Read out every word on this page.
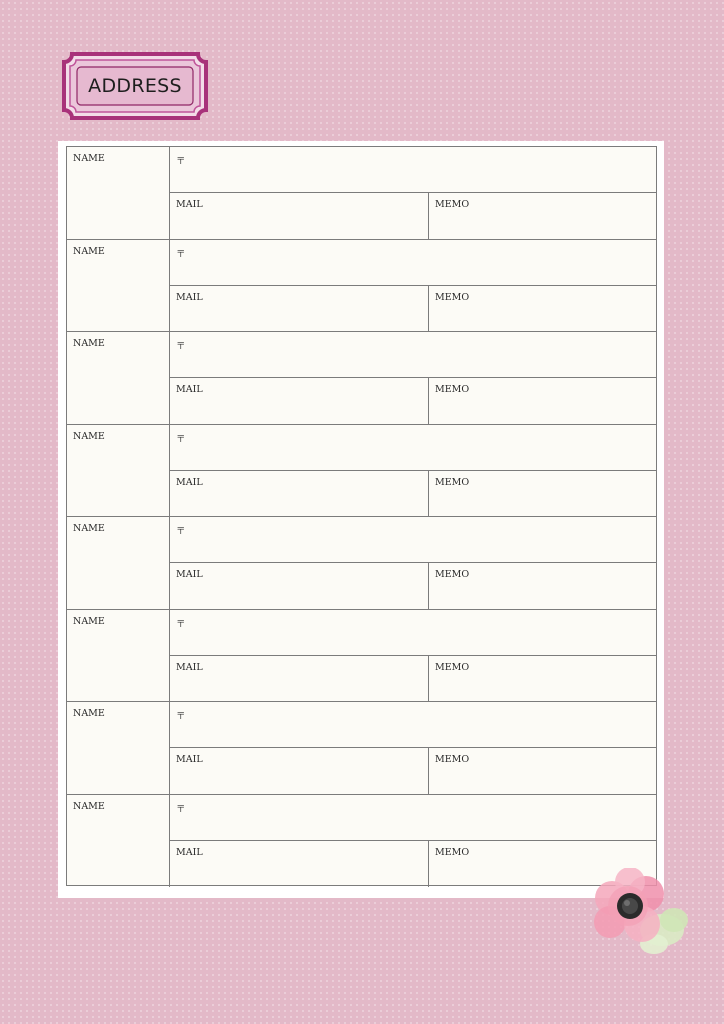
ADDRESS
NAME	〒
MAIL	MEMO
NAME	〒
MAIL	MEMO
NAME	〒
MAIL	MEMO
NAME	〒
MAIL	MEMO
NAME	〒
MAIL	MEMO
NAME	〒
MAIL	MEMO
NAME	〒
MAIL	MEMO
NAME	〒
MAIL	MEMO
